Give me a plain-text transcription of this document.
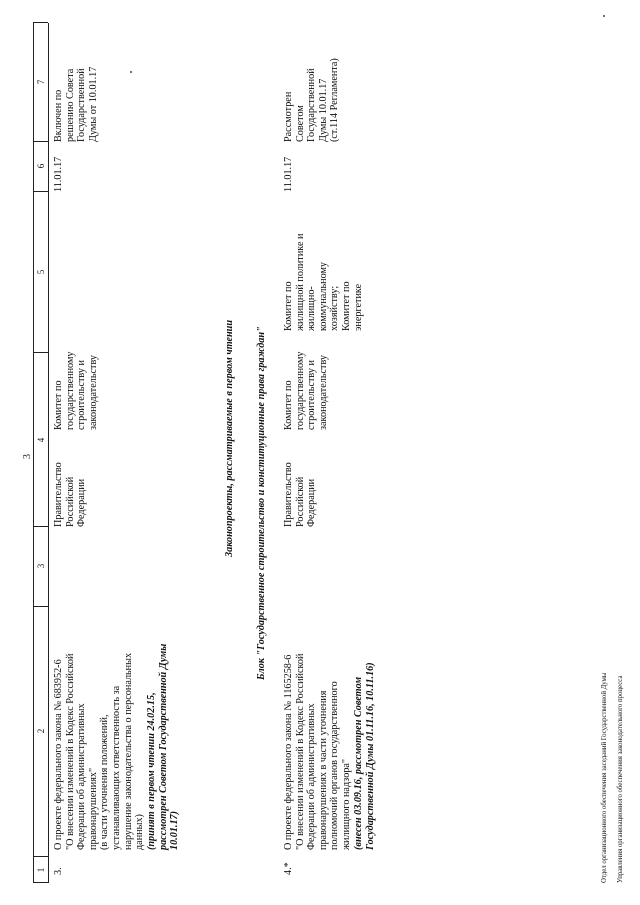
3
1
2
3
4
5
6
7
3.
О проекте федерального закона № 683952-6
"О внесении изменений в Кодекс Российской
Федерации об административных
правонарушениях"
(в части уточнения положений,
устанавливающих ответственность за
нарушение законодательства о персональных
данных) (принят в первом чтении 24.02.15,
рассмотрен Советом Государственной Думы
10.01.17)
Правительство
Российской
Федерации
Комитет по
государственному
строительству и
законодательству
11.01.17
Включен по
решению Совета
Государственной
Думы от 10.01.17
Законопроекты, рассматриваемые в первом чтении Блок "Государственное строительство и конституционные права граждан"
4.*
О проекте федерального закона № 1165258-6
"О внесении изменений в Кодекс Российской
Федерации об административных
правонарушениях в части уточнения
полномочий органов государственного
жилищного надзора"
(внесен 03.09.16, рассмотрен Советом
Государственной Думы 01.11.16, 10.11.16)
Правительство
Российской
Федерации
Комитет по
государственному
строительству и
законодательству
Комитет по
жилищной политике и
жилищно-
коммунальному
хозяйству;
Комитет по
энергетике
11.01.17
Рассмотрен
Советом
Государственной
Думы 10.01.17
(ст.114 Регламента)

Отдел организационного обеспечения заседаний Государственной Думы Управления организационного обеспечения законодательного процесса
